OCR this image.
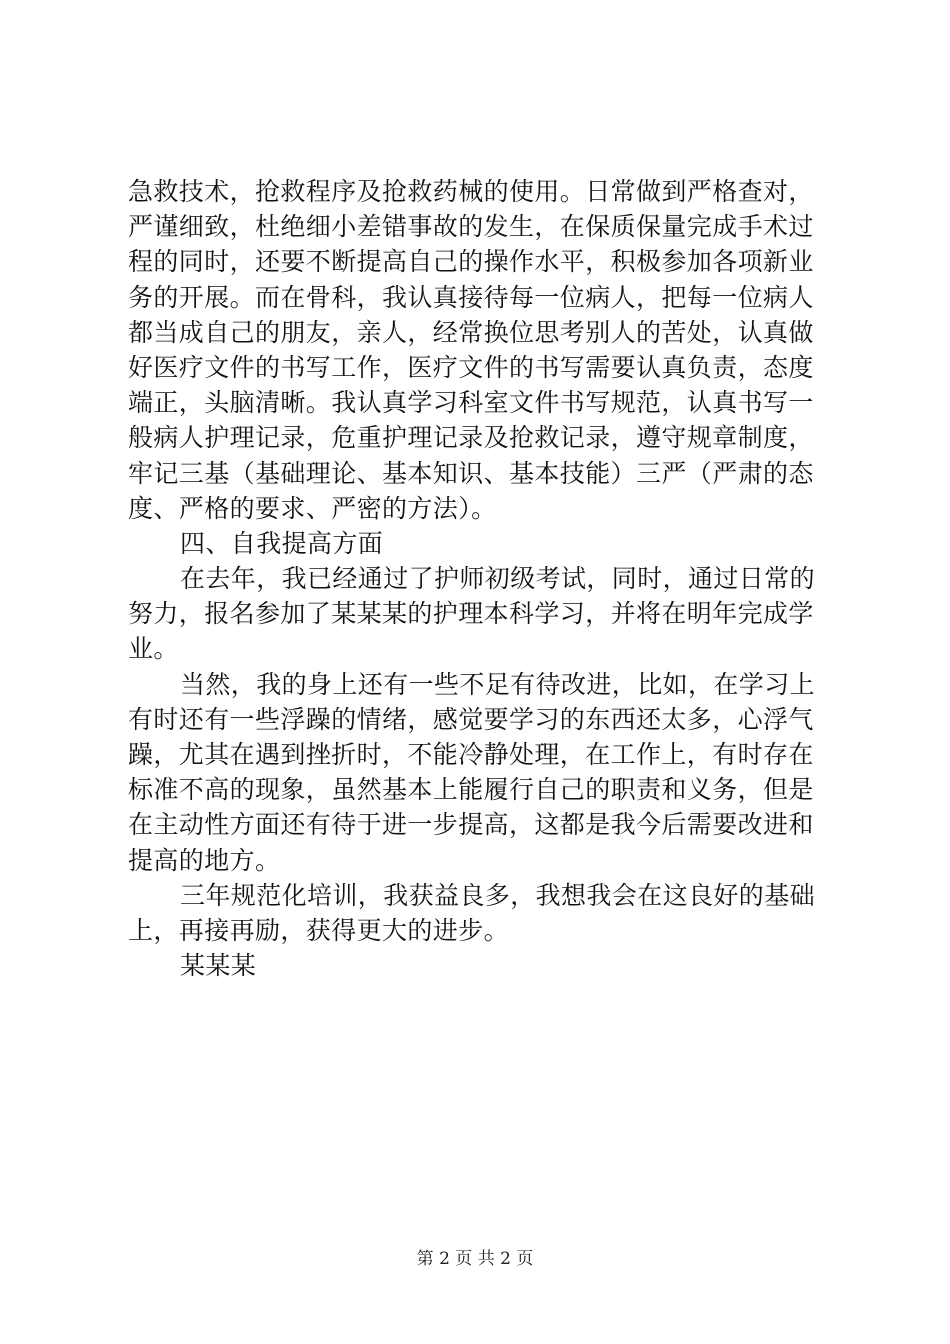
急救技术，抢救程序及抢救药械的使用。日常做到严格查对，
严谨细致，杜绝细小差错事故的发生，在保质保量完成手术过
程的同时，还要不断提高自己的操作水平，积极参加各项新业
务的开展。而在骨科，我认真接待每一位病人，把每一位病人
都当成自己的朋友，亲人，经常换位思考别人的苦处，认真做
好医疗文件的书写工作，医疗文件的书写需要认真负责，态度
端正，头脑清晰。我认真学习科室文件书写规范，认真书写一
般病人护理记录，危重护理记录及抢救记录，遵守规章制度，
牢记三基（基础理论、基本知识、基本技能）三严（严肃的态
度、严格的要求、严密的方法）。
四、自我提高方面
在去年，我已经通过了护师初级考试，同时，通过日常的
努力，报名参加了某某某的护理本科学习，并将在明年完成学
业。
当然，我的身上还有一些不足有待改进，比如，在学习上
有时还有一些浮躁的情绪，感觉要学习的东西还太多，心浮气
躁，尤其在遇到挫折时，不能冷静处理，在工作上，有时存在
标准不高的现象，虽然基本上能履行自己的职责和义务，但是
在主动性方面还有待于进一步提高，这都是我今后需要改进和
提高的地方。
三年规范化培训，我获益良多，我想我会在这良好的基础
上，再接再励，获得更大的进步。
某某某
第 2 页 共 2 页
